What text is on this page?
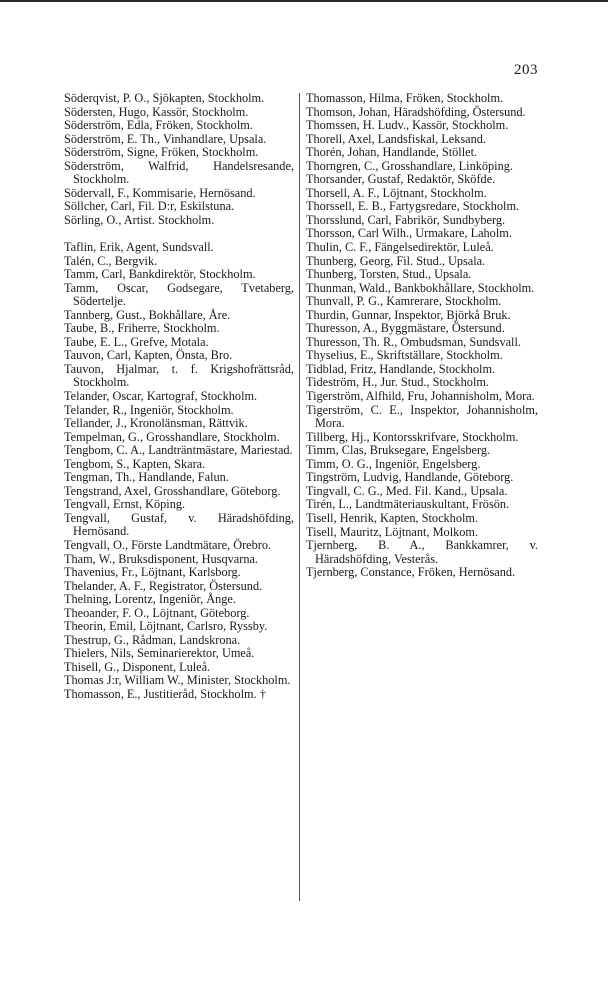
203
Söderqvist, P. O., Sjökapten, Stockholm.
Södersten, Hugo, Kassör, Stockholm.
Söderström, Edla, Fröken, Stockholm.
Söderström, E. Th., Vinhandlare, Upsala.
Söderström, Signe, Fröken, Stockholm.
Söderström, Walfrid, Handelsresande, Stockholm.
Södervall, F., Kommisarie, Hernösand.
Söllcher, Carl, Fil. D:r, Eskilstuna.
Sörling, O., Artist. Stockholm.
Taflin, Erik, Agent, Sundsvall.
Talén, C., Bergvik.
Tamm, Carl, Bankdirektör, Stockholm.
Tamm, Oscar, Godsegare, Tvetaberg, Södertelje.
Tannberg, Gust., Bokhållare, Åre.
Taube, B., Friherre, Stockholm.
Taube, E. L., Grefve, Motala.
Tauvon, Carl, Kapten, Önsta, Bro.
Tauvon, Hjalmar, t. f. Krigshofrättsråd, Stockholm.
Telander, Oscar, Kartograf, Stockholm.
Telander, R., Ingeniör, Stockholm.
Tellander, J., Kronolänsman, Rättvik.
Tempelman, G., Grosshandlare, Stockholm.
Tengbom, C. A., Landträntmästare, Mariestad.
Tengbom, S., Kapten, Skara.
Tengman, Th., Handlande, Falun.
Tengstrand, Axel, Grosshandlare, Göteborg.
Tengvall, Ernst, Köping.
Tengvall, Gustaf, v. Häradshöfding, Hernösand.
Tengvall, O., Förste Landtmätare, Örebro.
Tham, W., Bruksdisponent, Husqvarna.
Thavenius, Fr., Löjtnant, Karlsborg.
Thelander, A. F., Registrator, Östersund.
Thelning, Lorentz, Ingeniör, Ånge.
Theoander, F. O., Löjtnant, Göteborg.
Theorin, Emil, Löjtnant, Carlsro, Ryssby.
Thestrup, G., Rådman, Landskrona.
Thielers, Nils, Seminarierektor, Umeå.
Thisell, G., Disponent, Luleå.
Thomas J:r, William W., Minister, Stockholm.
Thomasson, E., Justitieråd, Stockholm. †
Thomasson, Hilma, Fröken, Stockholm.
Thomson, Johan, Häradshöfding, Östersund.
Thomssen, H. Ludv., Kassör, Stockholm.
Thorell, Axel, Landsfiskal, Leksand.
Thorén, Johan, Handlande, Stöllet.
Thorngren, C., Grosshandlare, Linköping.
Thorsander, Gustaf, Redaktör, Sköfde.
Thorsell, A. F., Löjtnant, Stockholm.
Thorssell, E. B., Fartygsredare, Stockholm.
Thorsslund, Carl, Fabrikör, Sundbyberg.
Thorsson, Carl Wilh., Urmakare, Laholm.
Thulin, C. F., Fängelsedirektör, Luleå.
Thunberg, Georg, Fil. Stud., Upsala.
Thunberg, Torsten, Stud., Upsala.
Thunman, Wald., Bankbokhållare, Stockholm.
Thunvall, P. G., Kamrerare, Stockholm.
Thurdin, Gunnar, Inspektor, Björkå Bruk.
Thuresson, A., Byggmästare, Östersund.
Thuresson, Th. R., Ombudsman, Sundsvall.
Thyselius, E., Skriftställare, Stockholm.
Tidblad, Fritz, Handlande, Stockholm.
Tideström, H., Jur. Stud., Stockholm.
Tigerström, Alfhild, Fru, Johannisholm, Mora.
Tigerström, C. E., Inspektor, Johannisholm, Mora.
Tillberg, Hj., Kontorsskrifvare, Stockholm.
Timm, Clas, Bruksegare, Engelsberg.
Timm, O. G., Ingeniör, Engelsberg.
Tingström, Ludvig, Handlande, Göteborg.
Tingvall, C. G., Med. Fil. Kand., Upsala.
Tirén, L., Landtmäteriauskultant, Frösön.
Tisell, Henrik, Kapten, Stockholm.
Tisell, Mauritz, Löjtnant, Molkom.
Tjernberg, B. A., Bankkamrer, v. Häradshöfding, Vesterås.
Tjernberg, Constance, Fröken, Hernösand.
